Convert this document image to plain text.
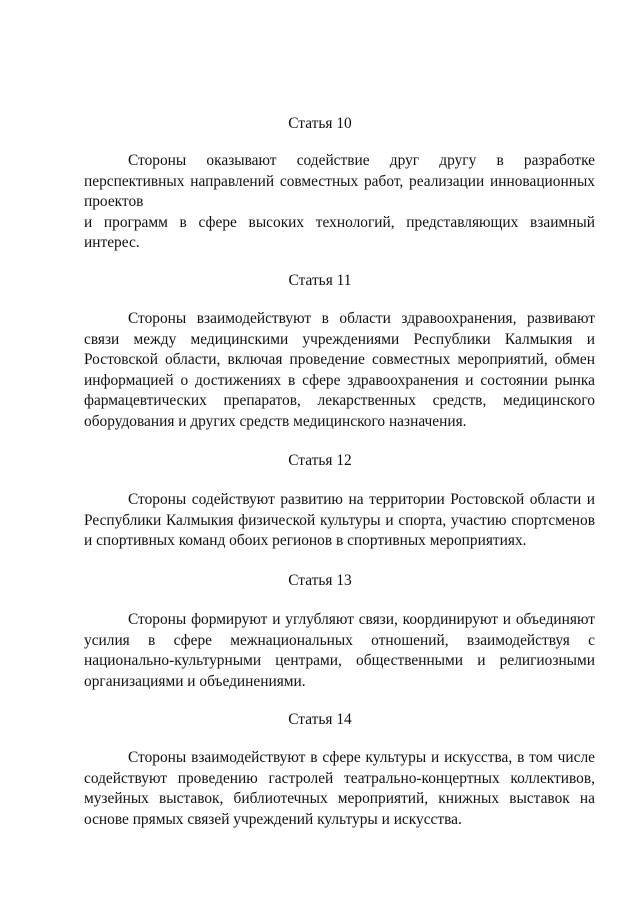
Статья 10
Стороны оказывают содействие друг другу в разработке
перспективных направлений совместных работ, реализации инновационных
проектов
и программ в сфере высоких технологий, представляющих взаимный
интерес.
Статья 11
Стороны взаимодействуют в области здравоохранения, развивают
связи между медицинскими учреждениями Республики Калмыкия и
Ростовской области, включая проведение совместных мероприятий, обмен
информацией о достижениях в сфере здравоохранения и состоянии рынка
фармацевтических препаратов, лекарственных средств, медицинского
оборудования и других средств медицинского назначения.
Статья 12
Стороны содействуют развитию на территории Ростовской области и
Республики Калмыкия физической культуры и спорта, участию спортсменов
и спортивных команд обоих регионов в спортивных мероприятиях.
Статья 13
Стороны формируют и углубляют связи, координируют и объединяют
усилия в сфере межнациональных отношений, взаимодействуя с
национально-культурными центрами, общественными и религиозными
организациями и объединениями.
Статья 14
Стороны взаимодействуют в сфере культуры и искусства, в том числе
содействуют проведению гастролей театрально-концертных коллективов,
музейных выставок, библиотечных мероприятий, книжных выставок на
основе прямых связей учреждений культуры и искусства.
